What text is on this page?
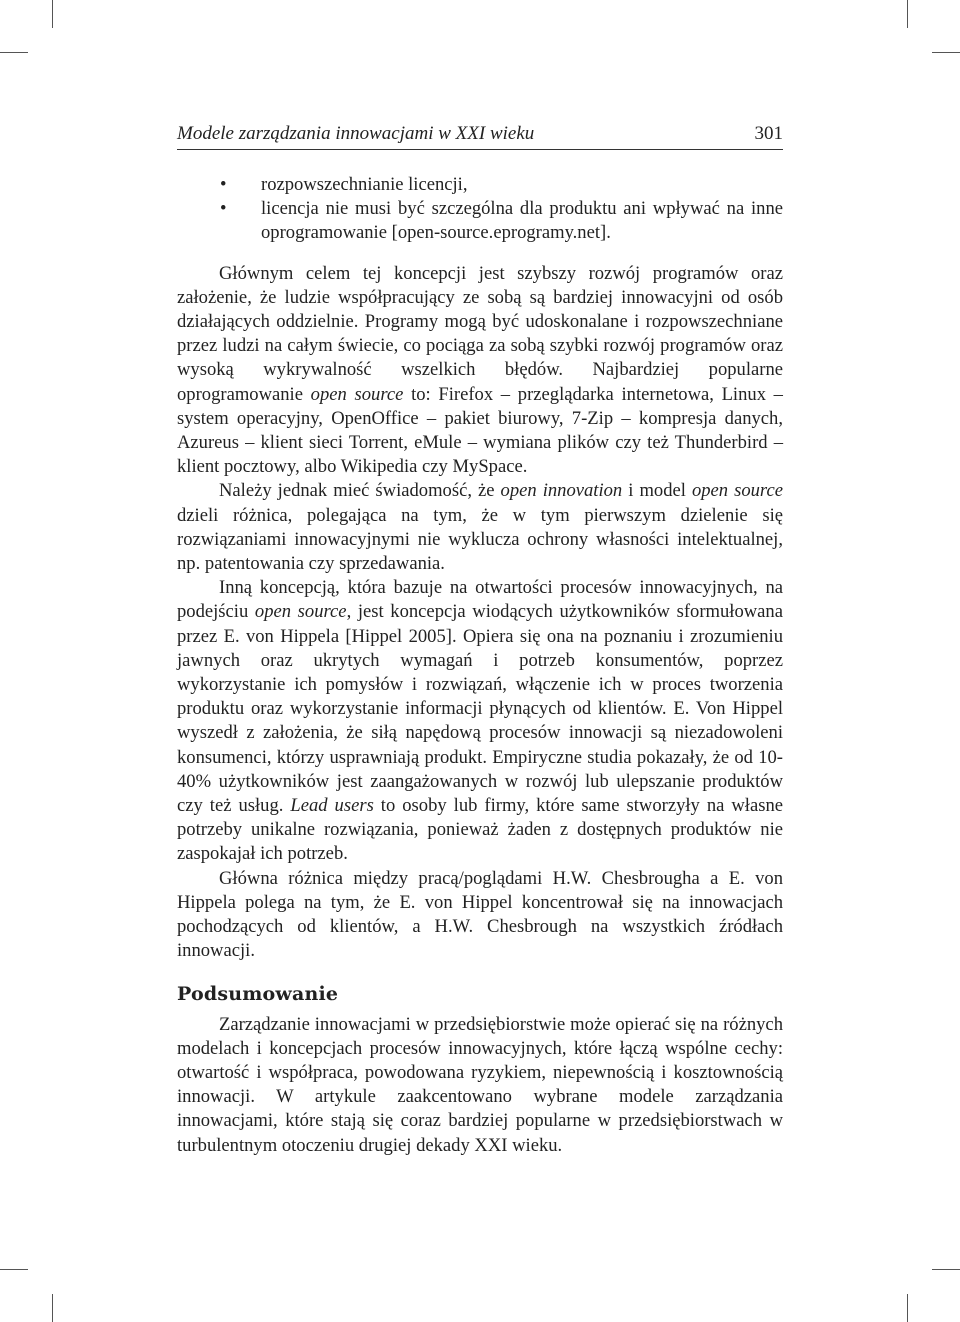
Modele zarządzania innowacjami w XXI wieku	301
• rozpowszechnianie licencji,
• licencja nie musi być szczególna dla produktu ani wpływać na inne oprogramowanie [open-source.eprogramy.net].

Głównym celem tej koncepcji jest szybszy rozwój programów oraz założenie, że ludzie współpracujący ze sobą są bardziej innowacyjni od osób działających oddzielnie. Programy mogą być udoskonalane i rozpowszechniane przez ludzi na całym świecie, co pociąga za sobą szybki rozwój programów oraz wysoką wykrywalność wszelkich błędów. Najbardziej popularne oprogramowanie open source to: Firefox – przeglądarka internetowa, Linux – system operacyjny, OpenOffice – pakiet biurowy, 7-Zip – kompresja danych, Azureus – klient sieci Torrent, eMule – wymiana plików czy też Thunderbird – klient pocztowy, albo Wikipedia czy MySpace.

Należy jednak mieć świadomość, że open innovation i model open source dzieli różnica, polegająca na tym, że w tym pierwszym dzielenie się rozwiązaniami innowacyjnymi nie wyklucza ochrony własności intelektualnej, np. patentowania czy sprzedawania.

Inną koncepcją, która bazuje na otwartości procesów innowacyjnych, na podejściu open source, jest koncepcja wiodących użytkowników sformułowana przez E. von Hippela [Hippel 2005]. Opiera się ona na poznaniu i zrozumieniu jawnych oraz ukrytych wymagań i potrzeb konsumentów, poprzez wykorzystanie ich pomysłów i rozwiązań, włączenie ich w proces tworzenia produktu oraz wykorzystanie informacji płynących od klientów. E. Von Hippel wyszedł z założenia, że siłą napędową procesów innowacji są niezadowoleni konsumenci, którzy usprawniają produkt. Empiryczne studia pokazały, że od 10-40% użytkowników jest zaangażowanych w rozwój lub ulepszanie produktów czy też usług. Lead users to osoby lub firmy, które same stworzyły na własne potrzeby unikalne rozwiązania, ponieważ żaden z dostępnych produktów nie zaspokajał ich potrzeb.

Główna różnica między pracą/poglądami H.W. Chesbrougha a E. von Hippela polega na tym, że E. von Hippel koncentrował się na innowacjach pochodzących od klientów, a H.W. Chesbrough na wszystkich źródłach innowacji.

Podsumowanie

Zarządzanie innowacjami w przedsiębiorstwie może opierać się na różnych modelach i koncepcjach procesów innowacyjnych, które łączą wspólne cechy: otwartość i współpraca, powodowana ryzykiem, niepewnością i kosztownością innowacji. W artykule zaakcentowano wybrane modele zarządzania innowacjami, które stają się coraz bardziej popularne w przedsiębiorstwach w turbulentnym otoczeniu drugiej dekady XXI wieku.
